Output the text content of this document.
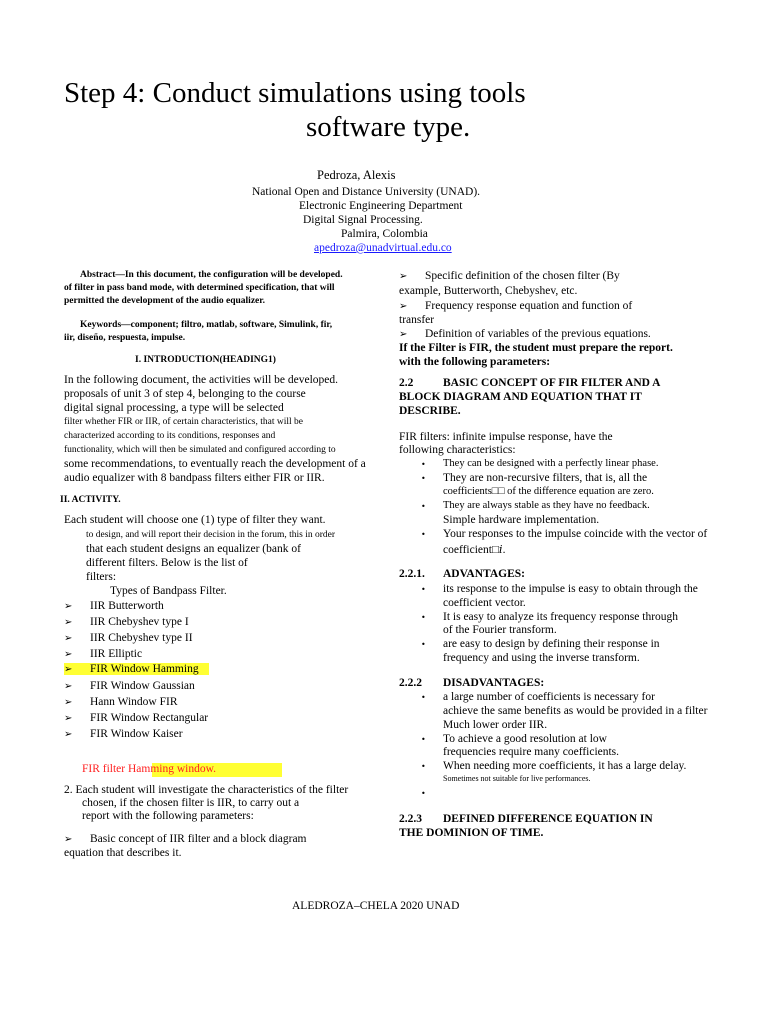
Step 4: Conduct simulations using tools
software type.
Pedroza, Alexis
National Open and Distance University (UNAD).
Electronic Engineering Department
Digital Signal Processing.
Palmira, Colombia
apedroza@unadvirtual.edu.co
Abstract—In this document, the configuration will be developed.
of filter in pass band mode, with determined specification, that will
permitted the development of the audio equalizer.
Keywords—component; filtro, matlab, software, Simulink, fir,
iir, diseño, respuesta, impulse.
I. INTRODUCTION(HEADING1)
In the following document, the activities will be developed.
proposals of unit 3 of step 4, belonging to the course
digital signal processing, a type will be selected
filter whether FIR or IIR, of certain characteristics, that will be
characterized according to its conditions, responses and
functionality, which will then be simulated and configured according to
some recommendations, to eventually reach the development of a
audio equalizer with 8 bandpass filters either FIR or IIR.
II. ACTIVITY.
Each student will choose one (1) type of filter they want.
to design, and will report their decision in the forum, this in order
that each student designs an equalizer (bank of
different filters. Below is the list of
filters:
Types of Bandpass Filter.
➢ IIR Butterworth
➢ IIR Chebyshev type I
➢ IIR Chebyshev type II
➢ IIR Elliptic
➢ FIR Window Hamming
➢ FIR Window Gaussian
➢ Hann Window FIR
➢ FIR Window Rectangular
➢ FIR Window Kaiser
FIR filter Hamming window.
2. Each student will investigate the characteristics of the filter
chosen, if the chosen filter is IIR, to carry out a
report with the following parameters:
➢ Basic concept of IIR filter and a block diagram
equation that describes it.
➢ Specific definition of the chosen filter (By
example, Butterworth, Chebyshev, etc.
➢ Frequency response equation and function of
transfer
➢ Definition of variables of the previous equations.
If the Filter is FIR, the student must prepare the report.
with the following parameters:
2.2	BASIC CONCEPT OF FIR FILTER AND A
BLOCK DIAGRAM AND EQUATION THAT IT
DESCRIBE.
FIR filters: infinite impulse response, have the
following characteristics:
• They can be designed with a perfectly linear phase.
• They are non-recursive filters, that is, all the
coefficients□□ of the difference equation are zero.
• They are always stable as they have no feedback.
Simple hardware implementation.
• Your responses to the impulse coincide with the vector of
coefficient□𝑖.
2.2.1. ADVANTAGES:
• its response to the impulse is easy to obtain through the
coefficient vector.
• It is easy to analyze its frequency response through
of the Fourier transform.
• are easy to design by defining their response in
frequency and using the inverse transform.
2.2.2 DISADVANTAGES:
• a large number of coefficients is necessary for
achieve the same benefits as would be provided in a filter
Much lower order IIR.
• To achieve a good resolution at low
frequencies require many coefficients.
• When needing more coefficients, it has a large delay.
Sometimes not suitable for live performances.
•
2.2.3 DEFINED DIFFERENCE EQUATION IN
THE DOMINION OF TIME.
ALEDROZA–CHELA 2020 UNAD
